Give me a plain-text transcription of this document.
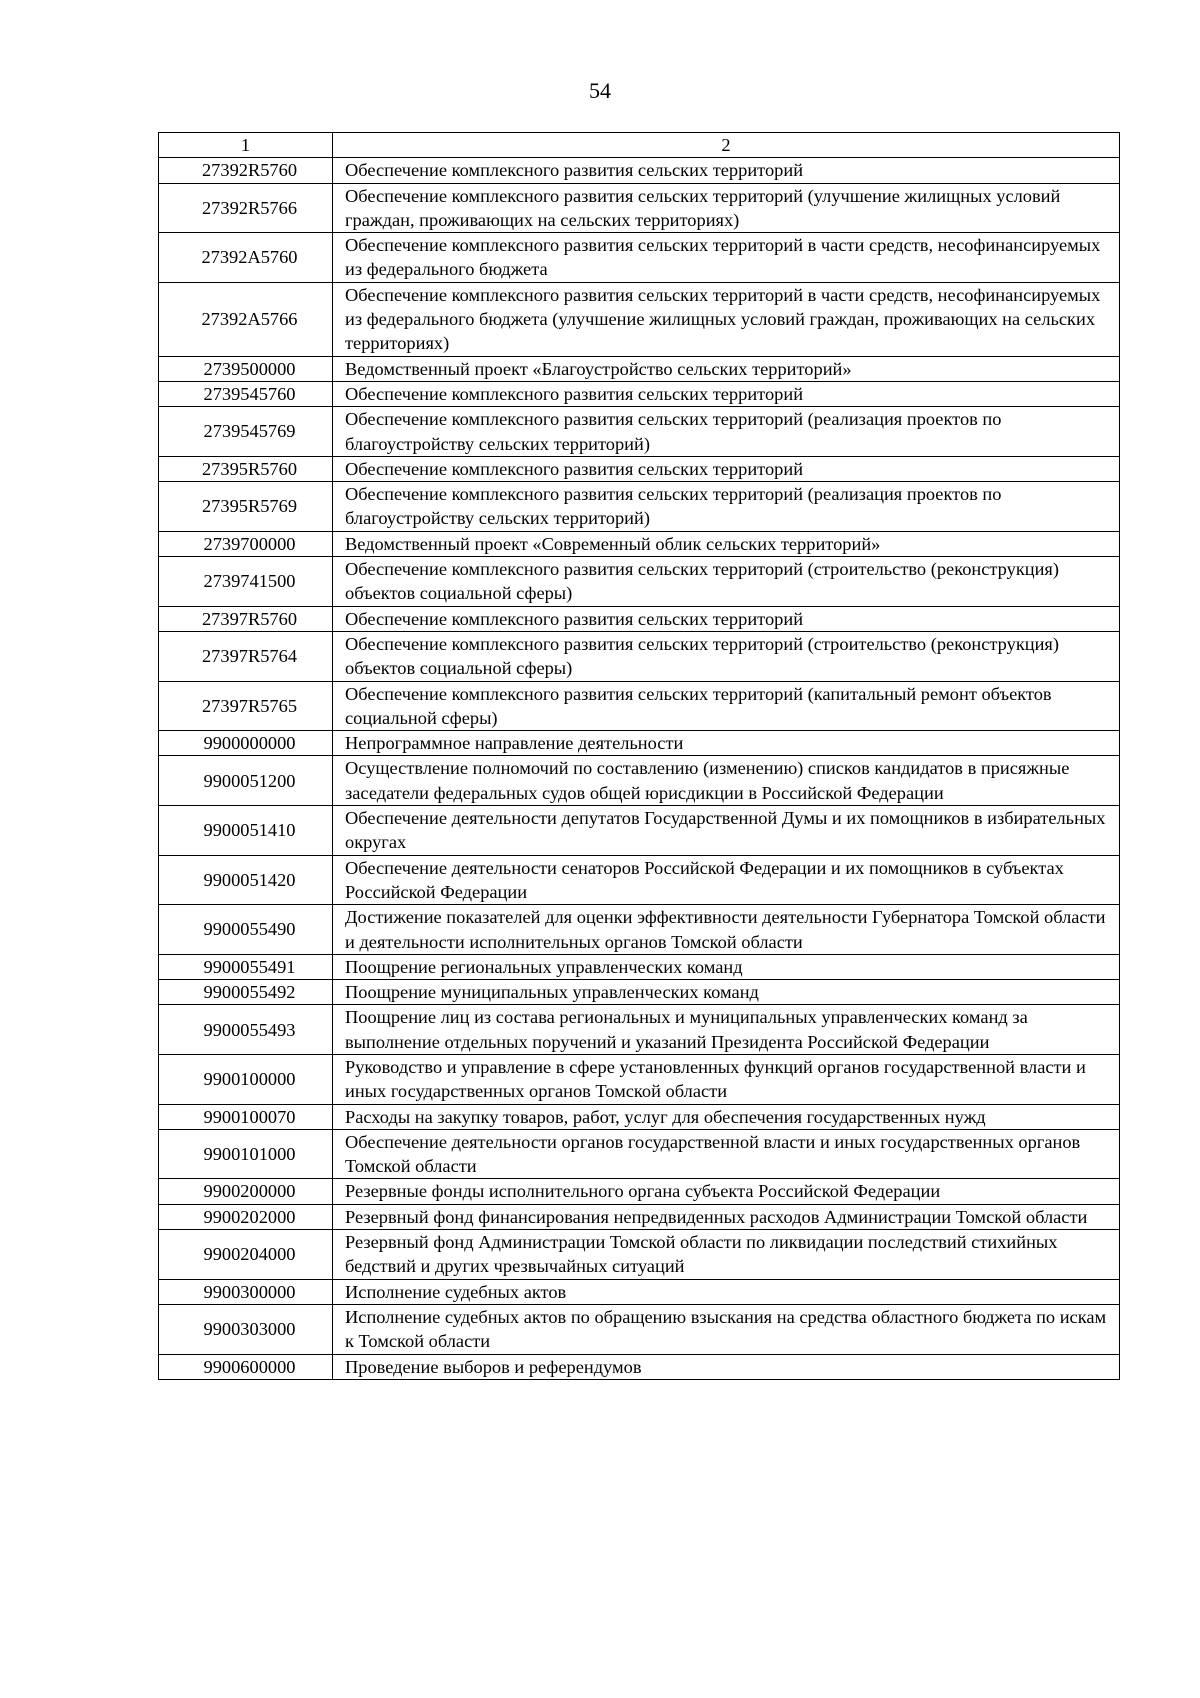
54
1	2
27392R5760	Обеспечение комплексного развития сельских территорий
27392R5766	Обеспечение комплексного развития сельских территорий (улучшение жилищных условий граждан, проживающих на сельских территориях)
27392A5760	Обеспечение комплексного развития сельских территорий в части средств, несофинансируемых из федерального бюджета
27392A5766	Обеспечение комплексного развития сельских территорий в части средств, несофинансируемых из федерального бюджета (улучшение жилищных условий граждан, проживающих на сельских территориях)
2739500000	Ведомственный проект «Благоустройство сельских территорий»
2739545760	Обеспечение комплексного развития сельских территорий
2739545769	Обеспечение комплексного развития сельских территорий (реализация проектов по благоустройству сельских территорий)
27395R5760	Обеспечение комплексного развития сельских территорий
27395R5769	Обеспечение комплексного развития сельских территорий (реализация проектов по благоустройству сельских территорий)
2739700000	Ведомственный проект «Современный облик сельских территорий»
2739741500	Обеспечение комплексного развития сельских территорий (строительство (реконструкция) объектов социальной сферы)
27397R5760	Обеспечение комплексного развития сельских территорий
27397R5764	Обеспечение комплексного развития сельских территорий (строительство (реконструкция) объектов социальной сферы)
27397R5765	Обеспечение комплексного развития сельских территорий (капитальный ремонт объектов социальной сферы)
9900000000	Непрограммное направление деятельности
9900051200	Осуществление полномочий по составлению (изменению) списков кандидатов в присяжные заседатели федеральных судов общей юрисдикции в Российской Федерации
9900051410	Обеспечение деятельности депутатов Государственной Думы и их помощников в избирательных округах
9900051420	Обеспечение деятельности сенаторов Российской Федерации и их помощников в субъектах Российской Федерации
9900055490	Достижение показателей для оценки эффективности деятельности Губернатора Томской области и деятельности исполнительных органов Томской области
9900055491	Поощрение региональных управленческих команд
9900055492	Поощрение муниципальных управленческих команд
9900055493	Поощрение лиц из состава региональных и муниципальных управленческих команд за выполнение отдельных поручений и указаний Президента Российской Федерации
9900100000	Руководство и управление в сфере установленных функций органов государственной власти и иных государственных органов Томской области
9900100070	Расходы на закупку товаров, работ, услуг для обеспечения государственных нужд
9900101000	Обеспечение деятельности органов государственной власти и иных государственных органов Томской области
9900200000	Резервные фонды исполнительного органа субъекта Российской Федерации
9900202000	Резервный фонд финансирования непредвиденных расходов Администрации Томской области
9900204000	Резервный фонд Администрации Томской области по ликвидации последствий стихийных бедствий и других чрезвычайных ситуаций
9900300000	Исполнение судебных актов
9900303000	Исполнение судебных актов по обращению взыскания на средства областного бюджета по искам к Томской области
9900600000	Проведение выборов и референдумов
